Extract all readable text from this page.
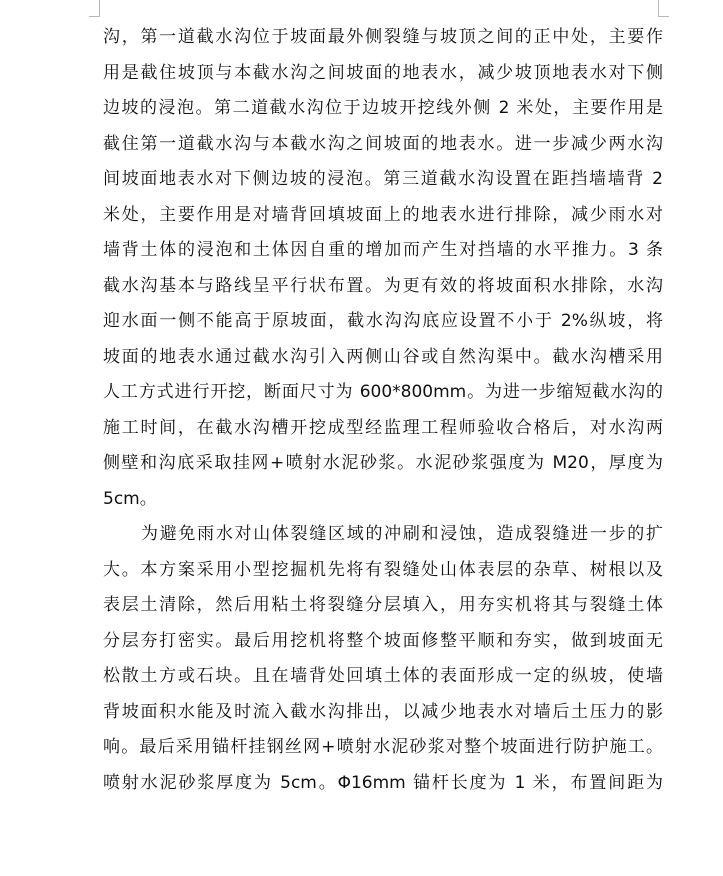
沟，第一道截水沟位于坡面最外侧裂缝与坡顶之间的正中处，主要作
用是截住坡顶与本截水沟之间坡面的地表水，减少坡顶地表水对下侧
边坡的浸泡。第二道截水沟位于边坡开挖线外侧 2 米处，主要作用是
截住第一道截水沟与本截水沟之间坡面的地表水。进一步减少两水沟
间坡面地表水对下侧边坡的浸泡。第三道截水沟设置在距挡墙墙背 2
米处，主要作用是对墙背回填坡面上的地表水进行排除，减少雨水对
墙背土体的浸泡和土体因自重的增加而产生对挡墙的水平推力。3 条
截水沟基本与路线呈平行状布置。为更有效的将坡面积水排除，水沟
迎水面一侧不能高于原坡面，截水沟沟底应设置不小于 2%纵坡，将
坡面的地表水通过截水沟引入两侧山谷或自然沟渠中。截水沟槽采用
人工方式进行开挖，断面尺寸为 600*800mm。为进一步缩短截水沟的
施工时间，在截水沟槽开挖成型经监理工程师验收合格后，对水沟两
侧壁和沟底采取挂网+喷射水泥砂浆。水泥砂浆强度为 M20，厚度为
5cm。
为避免雨水对山体裂缝区域的冲刷和浸蚀，造成裂缝进一步的扩
大。本方案采用小型挖掘机先将有裂缝处山体表层的杂草、树根以及
表层土清除，然后用粘土将裂缝分层填入，用夯实机将其与裂缝土体
分层夯打密实。最后用挖机将整个坡面修整平顺和夯实，做到坡面无
松散土方或石块。且在墙背处回填土体的表面形成一定的纵坡，使墙
背坡面积水能及时流入截水沟排出，以减少地表水对墙后土压力的影
响。最后采用锚杆挂钢丝网+喷射水泥砂浆对整个坡面进行防护施工。
喷射水泥砂浆厚度为 5cm。Φ16mm 锚杆长度为 1 米，布置间距为
